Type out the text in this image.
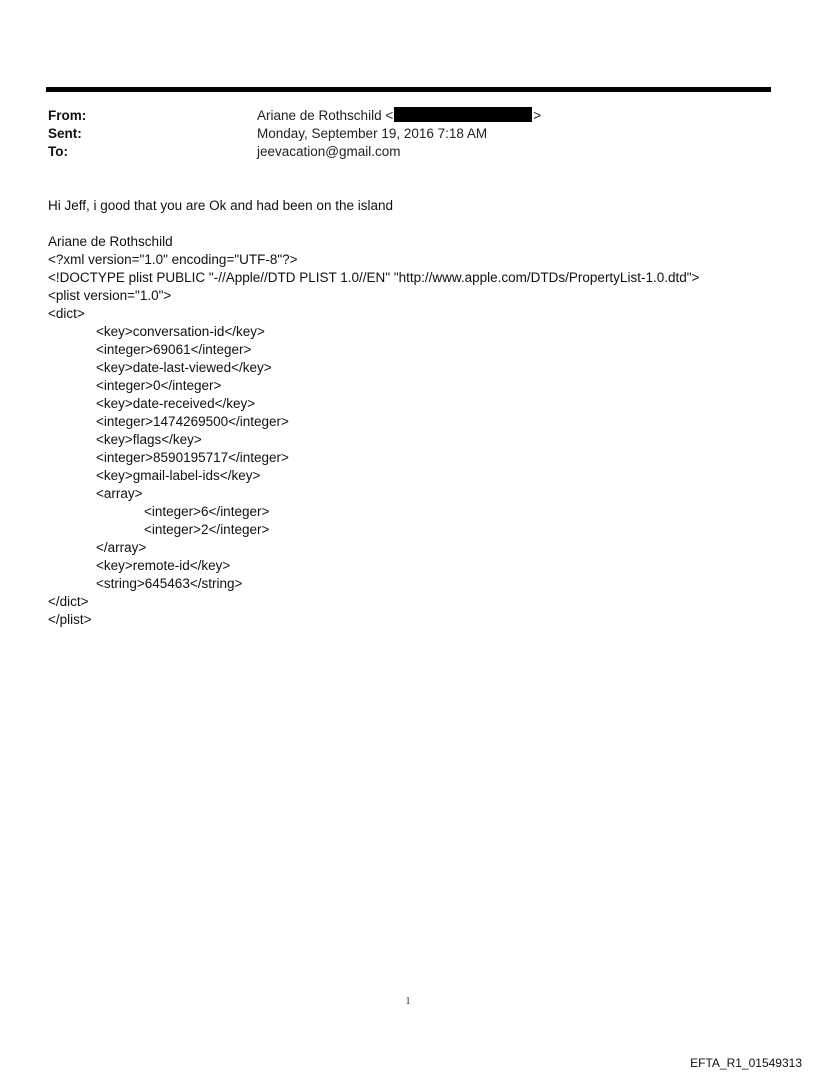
From:	Ariane de Rothschild <	>
Sent:	Monday, September 19, 2016 7:18 AM
To:	jeevacation@gmail.com
Hi Jeff, i good that you are Ok and had been on the island
Ariane de Rothschild
<?xml version="1.0" encoding="UTF-8"?>
<!DOCTYPE plist PUBLIC "-//Apple//DTD PLIST 1.0//EN" "http://www.apple.com/DTDs/PropertyList-1.0.dtd">
<plist version="1.0">
<dict>
<key>conversation-id</key>
<integer>69061</integer>
<key>date-last-viewed</key>
<integer>0</integer>
<key>date-received</key>
<integer>1474269500</integer>
<key>flags</key>
<integer>8590195717</integer>
<key>gmail-label-ids</key>
<array>
<integer>6</integer>
<integer>2</integer>
</array>
<key>remote-id</key>
<string>645463</string>
</dict>
</plist>
1
EFTA_R1_01549313
